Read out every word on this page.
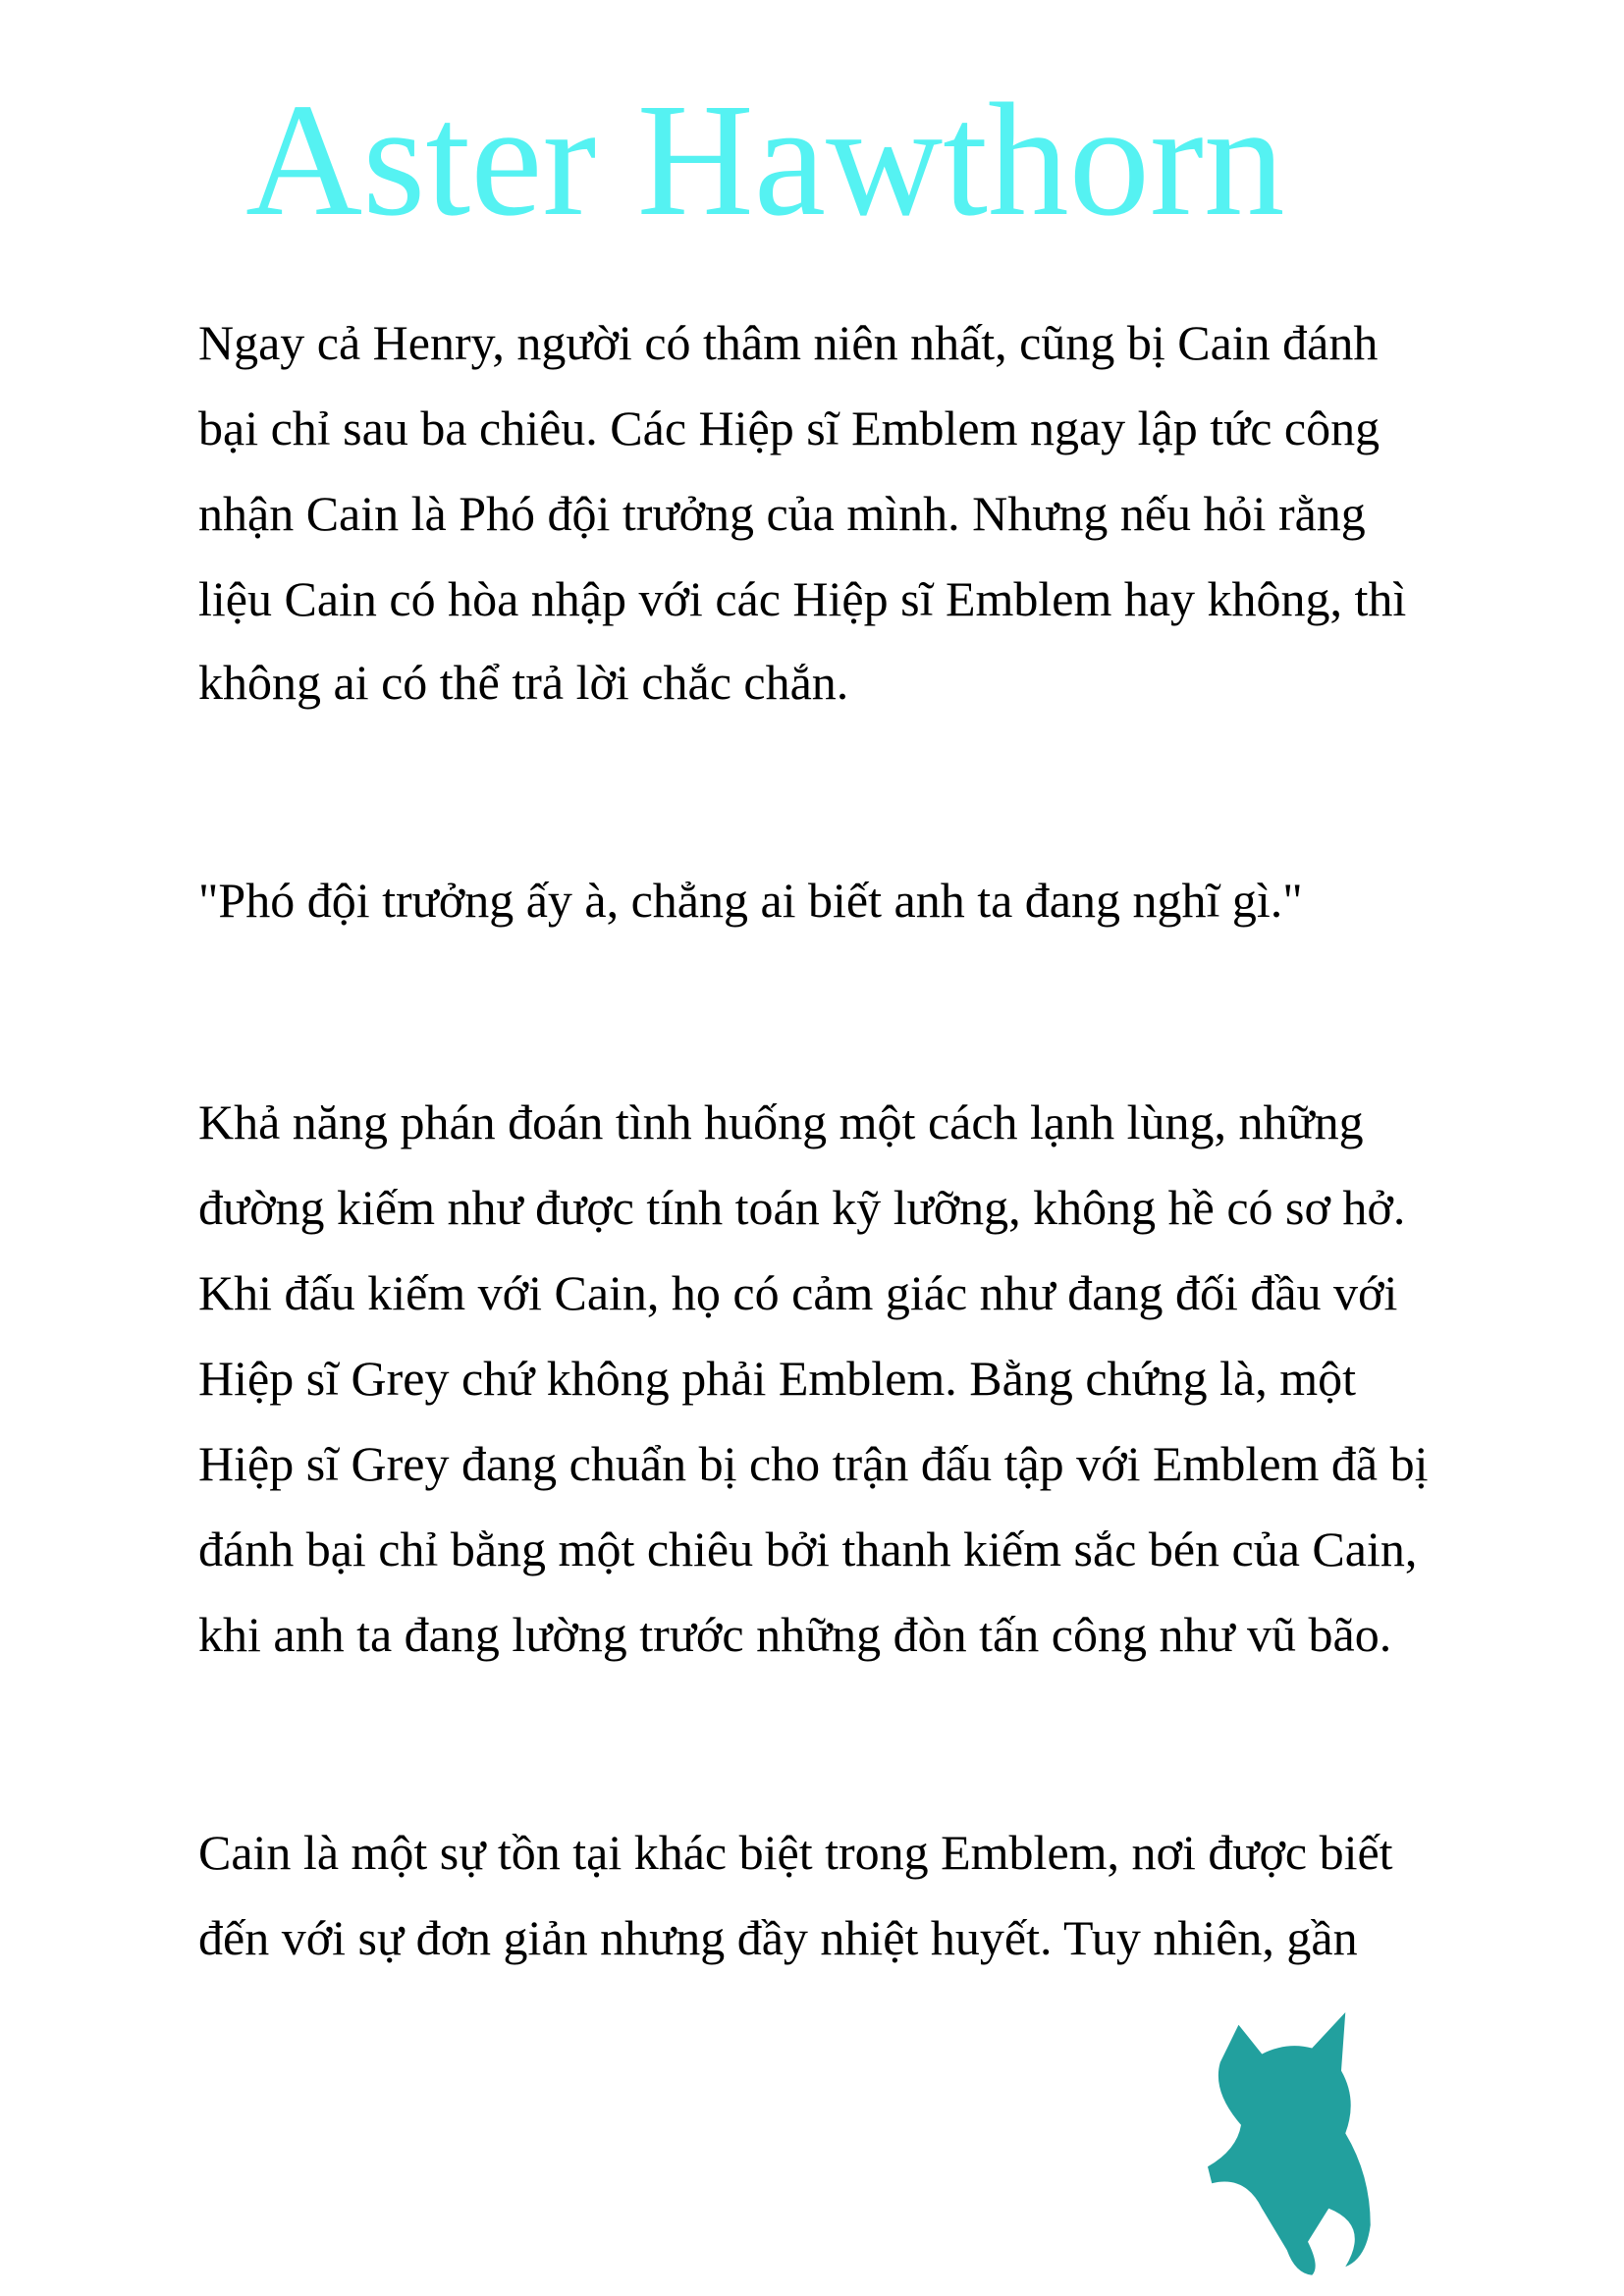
Ngay cả Henry, người có thâm niên nhất, cũng bị Cain đánh
bại chỉ sau ba chiêu. Các Hiệp sĩ Emblem ngay lập tức công
nhận Cain là Phó đội trưởng của mình. Nhưng nếu hỏi rằng
liệu Cain có hòa nhập với các Hiệp sĩ Emblem hay không, thì
không ai có thể trả lời chắc chắn.
"Phó đội trưởng ấy à, chẳng ai biết anh ta đang nghĩ gì."
Khả năng phán đoán tình huống một cách lạnh lùng, những
đường kiếm như được tính toán kỹ lưỡng, không hề có sơ hở.
Khi đấu kiếm với Cain, họ có cảm giác như đang đối đầu với
Hiệp sĩ Grey chứ không phải Emblem. Bằng chứng là, một
Hiệp sĩ Grey đang chuẩn bị cho trận đấu tập với Emblem đã bị
đánh bại chỉ bằng một chiêu bởi thanh kiếm sắc bén của Cain,
khi anh ta đang lường trước những đòn tấn công như vũ bão.
Cain là một sự tồn tại khác biệt trong Emblem, nơi được biết
đến với sự đơn giản nhưng đầy nhiệt huyết. Tuy nhiên, gần
Aster Hawthorn
